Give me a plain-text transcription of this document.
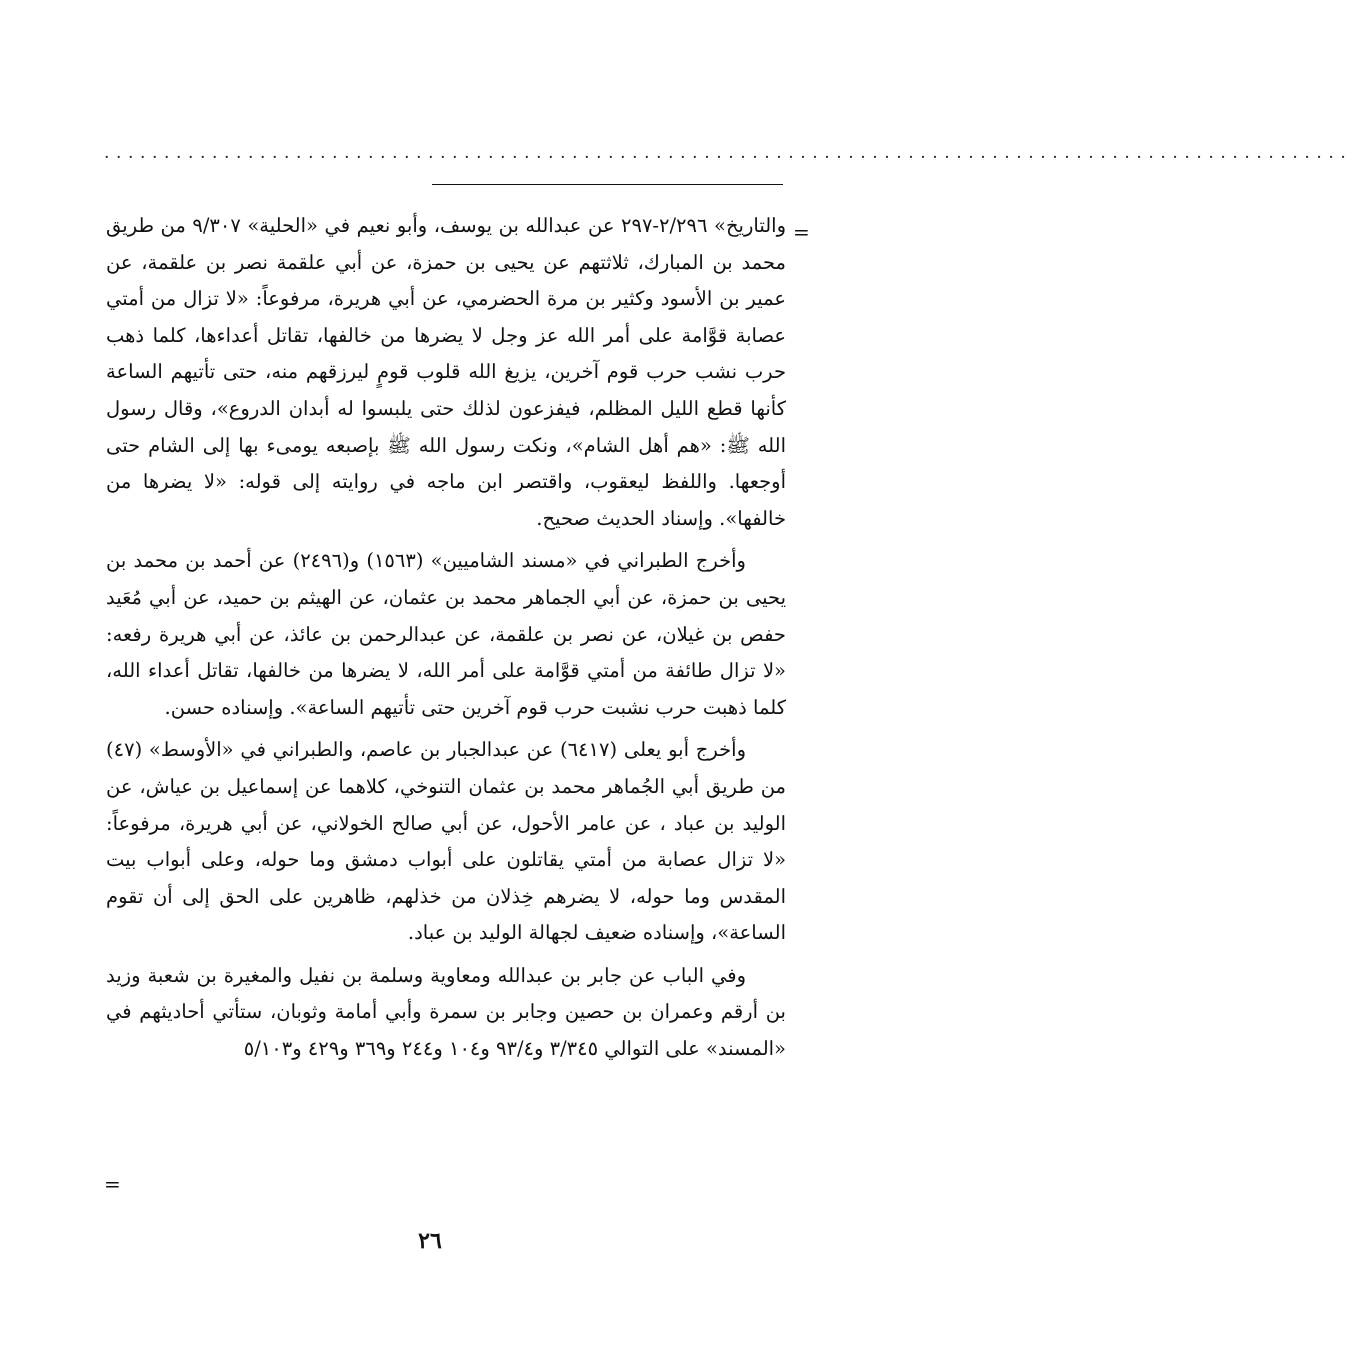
........................................................................................................
=

والتاريخ» ٢/٢٩٦-٢٩٧ عن عبدالله بن يوسف، وأبو نعيم في «الحلية» ٩/٣٠٧ من طريق محمد بن المبارك، ثلاثتهم عن يحيى بن حمزة، عن أبي علقمة نصر بن علقمة، عن عمير بن الأسود وكثير بن مرة الحضرمي، عن أبي هريرة، مرفوعاً: «لا تزال من أمتي عصابة قوَّامة على أمر الله عز وجل لا يضرها من خالفها، تقاتل أعداءها، كلما ذهب حرب نشب حرب قوم آخرين، يزيغ الله قلوب قومٍ ليرزقهم منه، حتى تأتيهم الساعة كأنها قطع الليل المظلم، فيفزعون لذلك حتى يلبسوا له أبدان الدروع»، وقال رسول الله ﷺ: «هم أهل الشام»، ونكت رسول الله ﷺ بإصبعه يومىء بها إلى الشام حتى أوجعها. واللفظ ليعقوب، واقتصر ابن ماجه في روايته إلى قوله: «لا يضرها من خالفها». وإسناد الحديث صحيح.

وأخرج الطبراني في «مسند الشاميين» (١٥٦٣) و(٢٤٩٦) عن أحمد بن محمد بن يحيى بن حمزة، عن أبي الجماهر محمد بن عثمان، عن الهيثم بن حميد، عن أبي مُعَيد حفص بن غيلان، عن نصر بن علقمة، عن عبدالرحمن بن عائذ، عن أبي هريرة رفعه: «لا تزال طائفة من أمتي قوَّامة على أمر الله، لا يضرها من خالفها، تقاتل أعداء الله، كلما ذهبت حرب نشبت حرب قوم آخرين حتى تأتيهم الساعة». وإسناده حسن.

وأخرج أبو يعلى (٦٤١٧) عن عبدالجبار بن عاصم، والطبراني في «الأوسط» (٤٧) من طريق أبي الجُماهر محمد بن عثمان التنوخي، كلاهما عن إسماعيل بن عياش، عن الوليد بن عباد ، عن عامر الأحول، عن أبي صالح الخولاني، عن أبي هريرة، مرفوعاً: «لا تزال عصابة من أمتي يقاتلون على أبواب دمشق وما حوله، وعلى أبواب بيت المقدس وما حوله، لا يضرهم خِذلان من خذلهم، ظاهرين على الحق إلى أن تقوم الساعة»، وإسناده ضعيف لجهالة الوليد بن عباد.

وفي الباب عن جابر بن عبدالله ومعاوية وسلمة بن نفيل والمغيرة بن شعبة وزيد بن أرقم وعمران بن حصين وجابر بن سمرة وأبي أمامة وثوبان، ستأتي أحاديثهم في «المسند» على التوالي ٣/٣٤٥ و٩٣/٤ و١٠٤ و٢٤٤ و٣٦٩ و٤٢٩ و٥/١٠٣

=
٢٦
